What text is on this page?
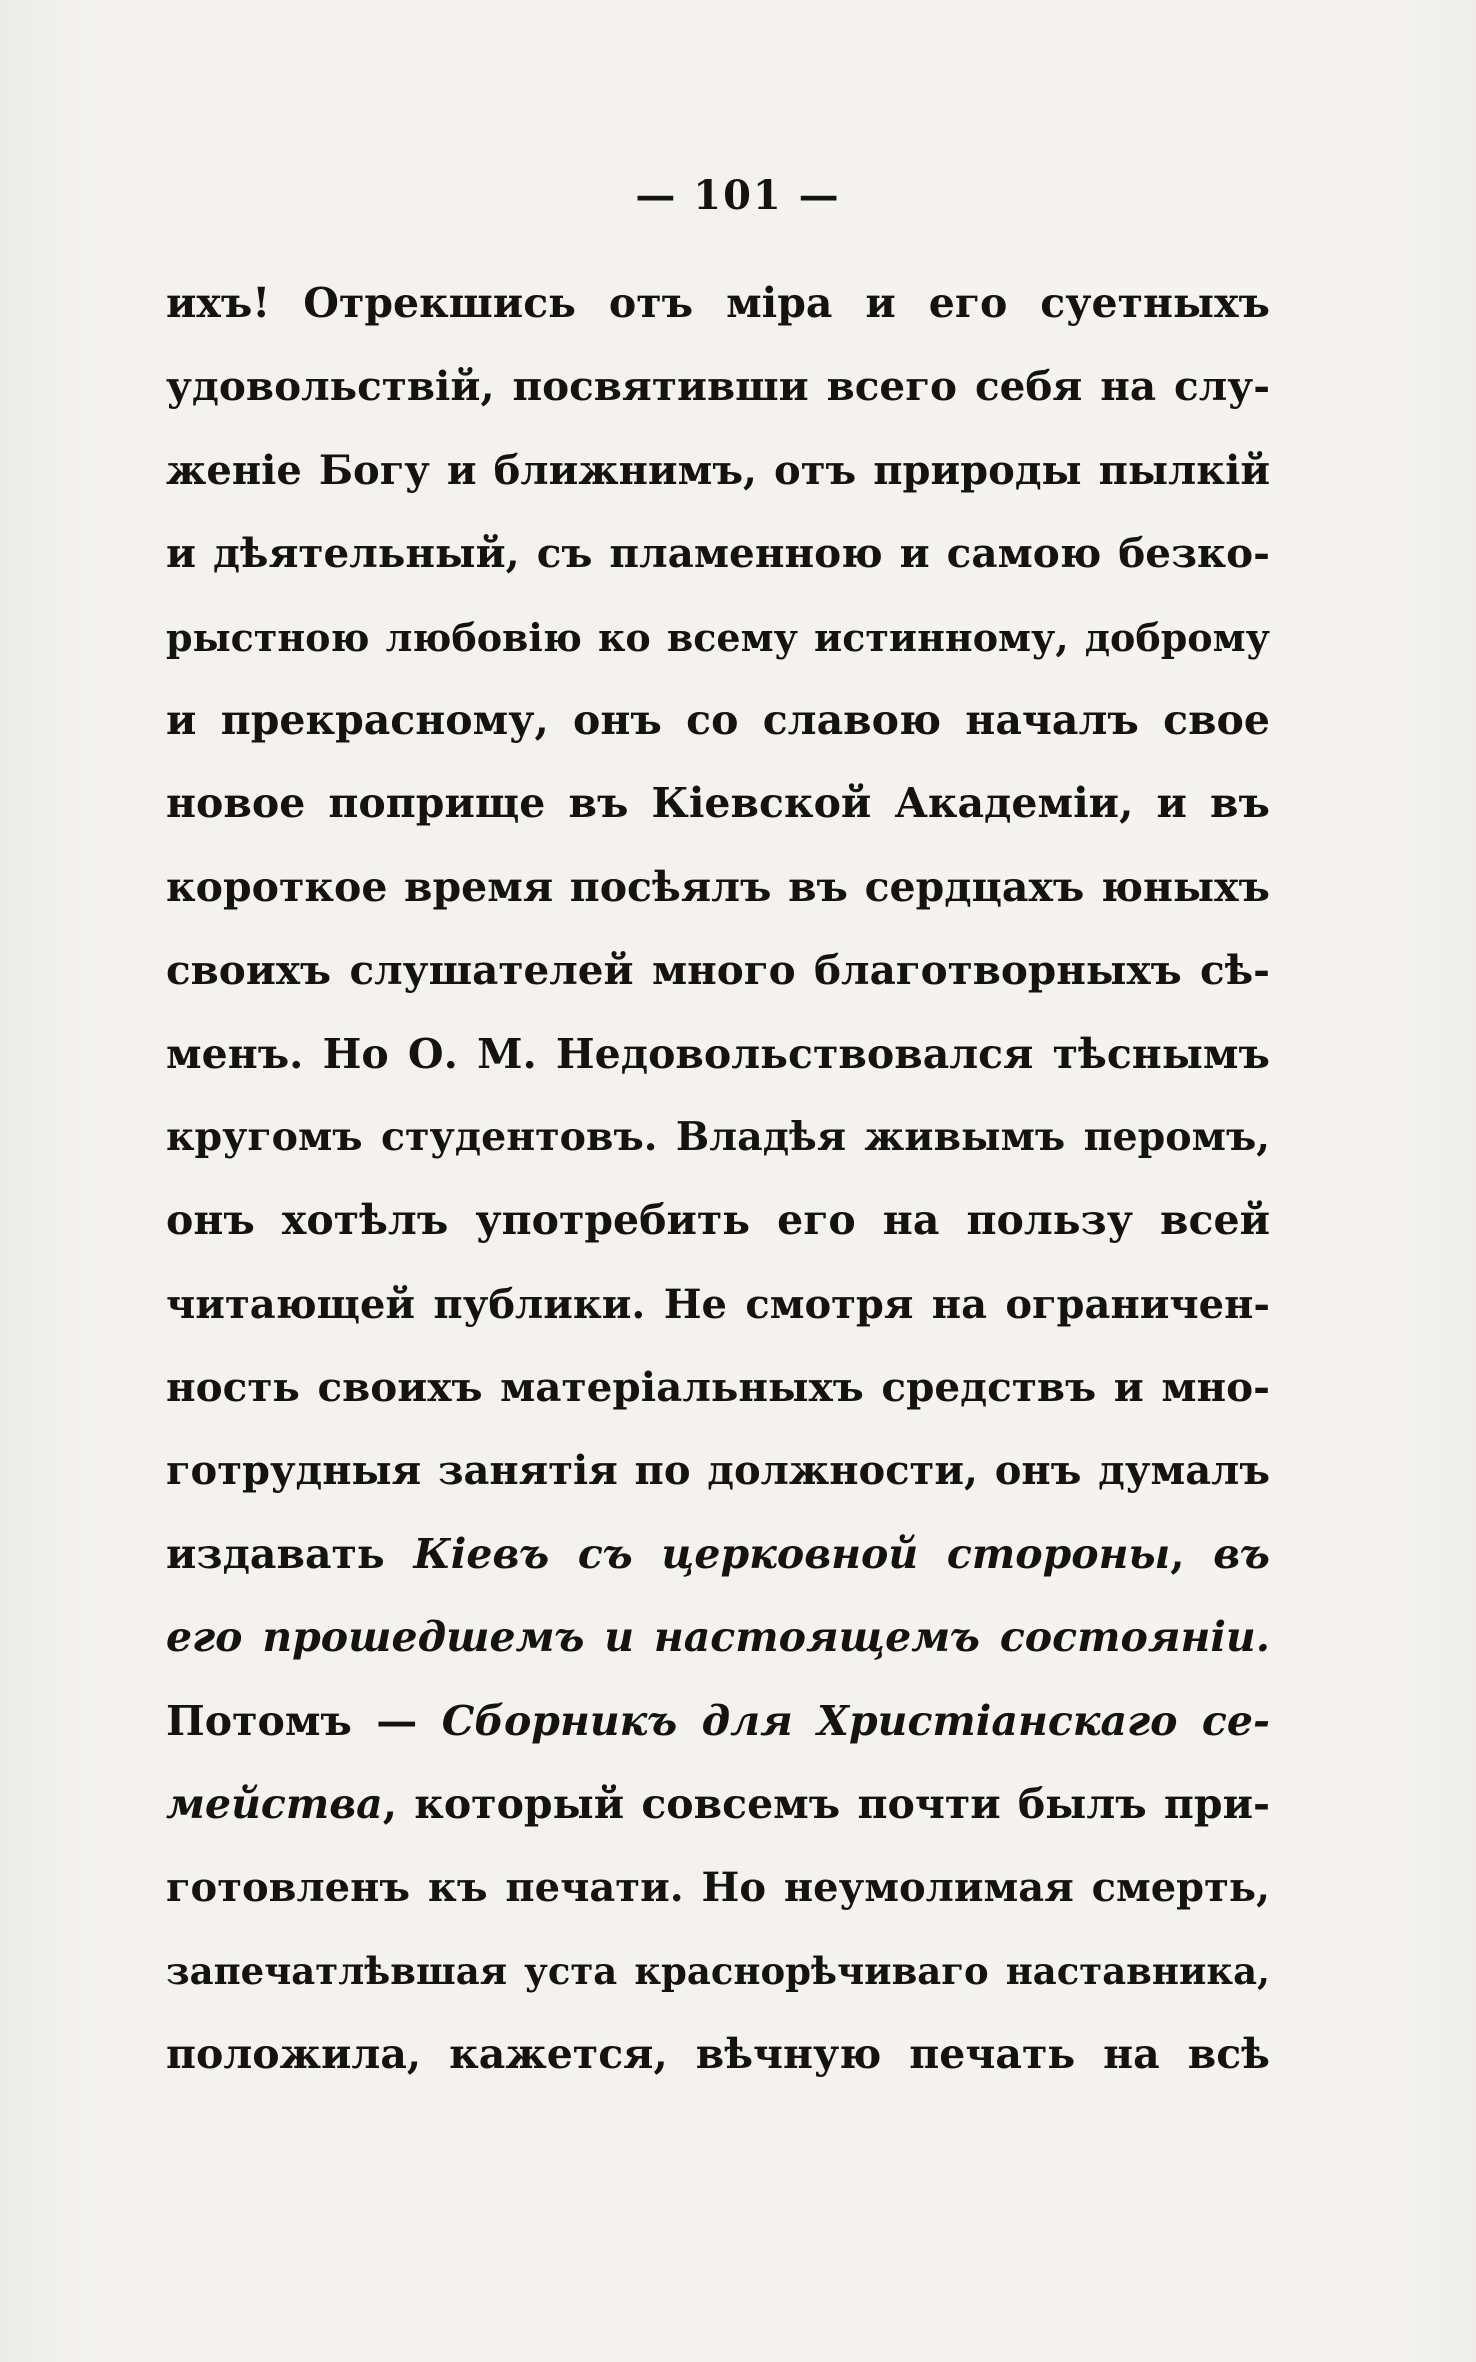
— 101 —
ихъ! Отрекшись отъ міра и его суетныхъ
удовольствій, посвятивши всего себя на слу-
женіе Богу и ближнимъ, отъ природы пылкій
и дѣятельный, съ пламенною и самою безко-
рыстною любовію ко всему истинному, доброму
и прекрасному, онъ со славою началъ свое
новое поприще въ Кіевской Академіи, и въ
короткое время посѣялъ въ сердцахъ юныхъ
своихъ слушателей много благотворныхъ сѣ-
менъ. Но О. М. Недовольствовался тѣснымъ
кругомъ студентовъ. Владѣя живымъ перомъ,
онъ хотѣлъ употребить его на пользу всей
читающей публики. Не смотря на ограничен-
ность своихъ матеріальныхъ средствъ и мно-
готрудныя занятія по должности, онъ думалъ
издавать Кіевъ съ церковной стороны, въ
его прошедшемъ и настоящемъ состояніи.
Потомъ — Сборникъ для Христіанскаго се-
мейства, который совсемъ почти былъ при-
готовленъ къ печати. Но неумолимая смерть,
запечатлѣвшая уста краснорѣчиваго наставника,
положила, кажется, вѣчную печать на всѣ
